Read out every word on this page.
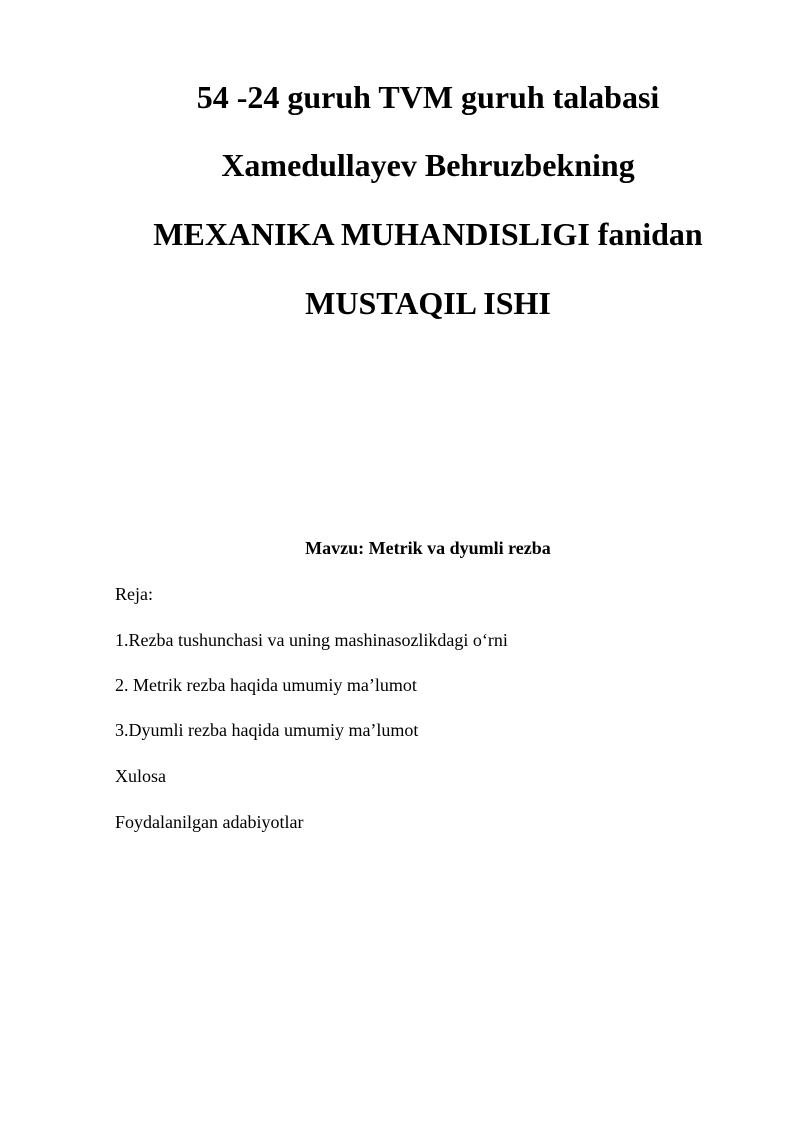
54 -24 guruh TVM guruh talabasi
Xamedullayev Behruzbekning
MEXANIKA MUHANDISLIGI fanidan
MUSTAQIL ISHI
Mavzu: Metrik va dyumli rezba
Reja:
1.Rezba tushunchasi va uning mashinasozlikdagi o‘rni
2. Metrik rezba haqida umumiy ma’lumot
3.Dyumli rezba haqida umumiy ma’lumot
Xulosa
Foydalanilgan adabiyotlar
